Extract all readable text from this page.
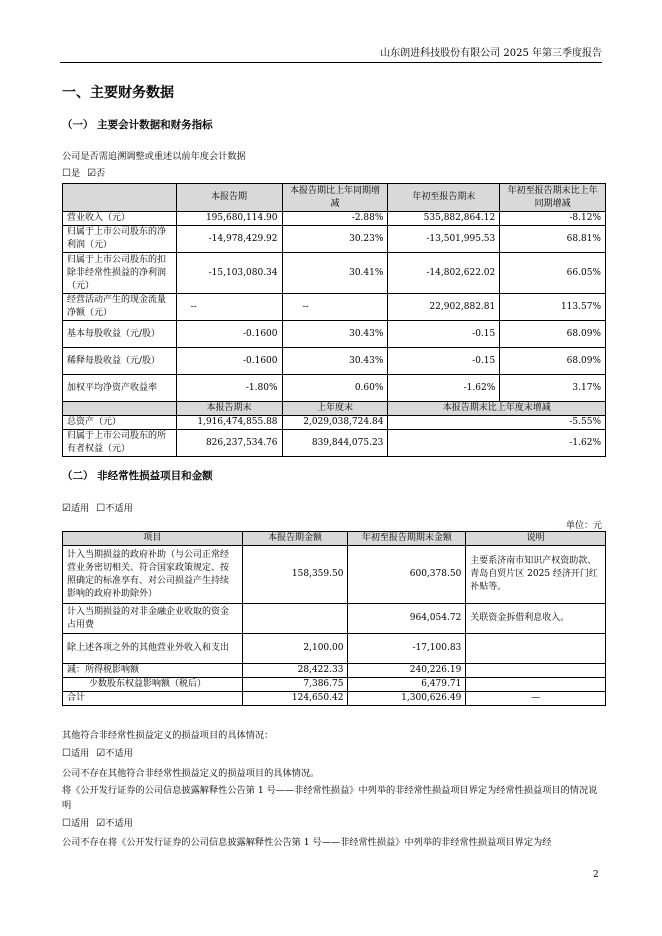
山东朗进科技股份有限公司 2025 年第三季度报告
一、主要财务数据
（一） 主要会计数据和财务指标
公司是否需追溯调整或重述以前年度会计数据
☐是 ☑否
	本报告期	本报告期比上年同期增减	年初至报告期末	年初至报告期末比上年同期增减
营业收入（元）	195,680,114.90	-2.88%	535,882,864.12	-8.12%
归属于上市公司股东的净利润（元）	-14,978,429.92	30.23%	-13,501,995.53	68.81%
归属于上市公司股东的扣除非经常性损益的净利润（元）	-15,103,080.34	30.41%	-14,802,622.02	66.05%
经营活动产生的现金流量净额（元）	--	--	22,902,882.81	113.57%
基本每股收益（元/股）	-0.1600	30.43%	-0.15	68.09%
稀释每股收益（元/股）	-0.1600	30.43%	-0.15	68.09%
加权平均净资产收益率	-1.80%	0.60%	-1.62%	3.17%
	本报告期末	上年度末	本报告期末比上年度末增减	
总资产（元）	1,916,474,855.88	2,029,038,724.84	-5.55%	
归属于上市公司股东的所有者权益（元）	826,237,534.76	839,844,075.23	-1.62%	
（二） 非经常性损益项目和金额
☑适用 ☐不适用
单位：元
项目	本报告期金额	年初至报告期期末金额	说明
计入当期损益的政府补助（与公司正常经营业务密切相关、符合国家政策规定、按照确定的标准享有、对公司损益产生持续影响的政府补助除外）	158,359.50	600,378.50	主要系济南市知识产权资助款、青岛自贸片区 2025 经济开门红补贴等。
计入当期损益的对非金融企业收取的资金占用费		964,054.72	关联资金拆借利息收入。
除上述各项之外的其他营业外收入和支出	2,100.00	-17,100.83	
减：所得税影响额	28,422.33	240,226.19	
少数股东权益影响额（税后）	7,386.75	6,479.71	
合计	124,650.42	1,300,626.49	—
其他符合非经常性损益定义的损益项目的具体情况：
☐适用 ☑不适用
公司不存在其他符合非经常性损益定义的损益项目的具体情况。
将《公开发行证券的公司信息披露解释性公告第 1 号——非经常性损益》中列举的非经常性损益项目界定为经常性损益项目的情况说明
☐适用 ☑不适用
公司不存在将《公开发行证券的公司信息披露解释性公告第 1 号——非经常性损益》中列举的非经常性损益项目界定为经
2
